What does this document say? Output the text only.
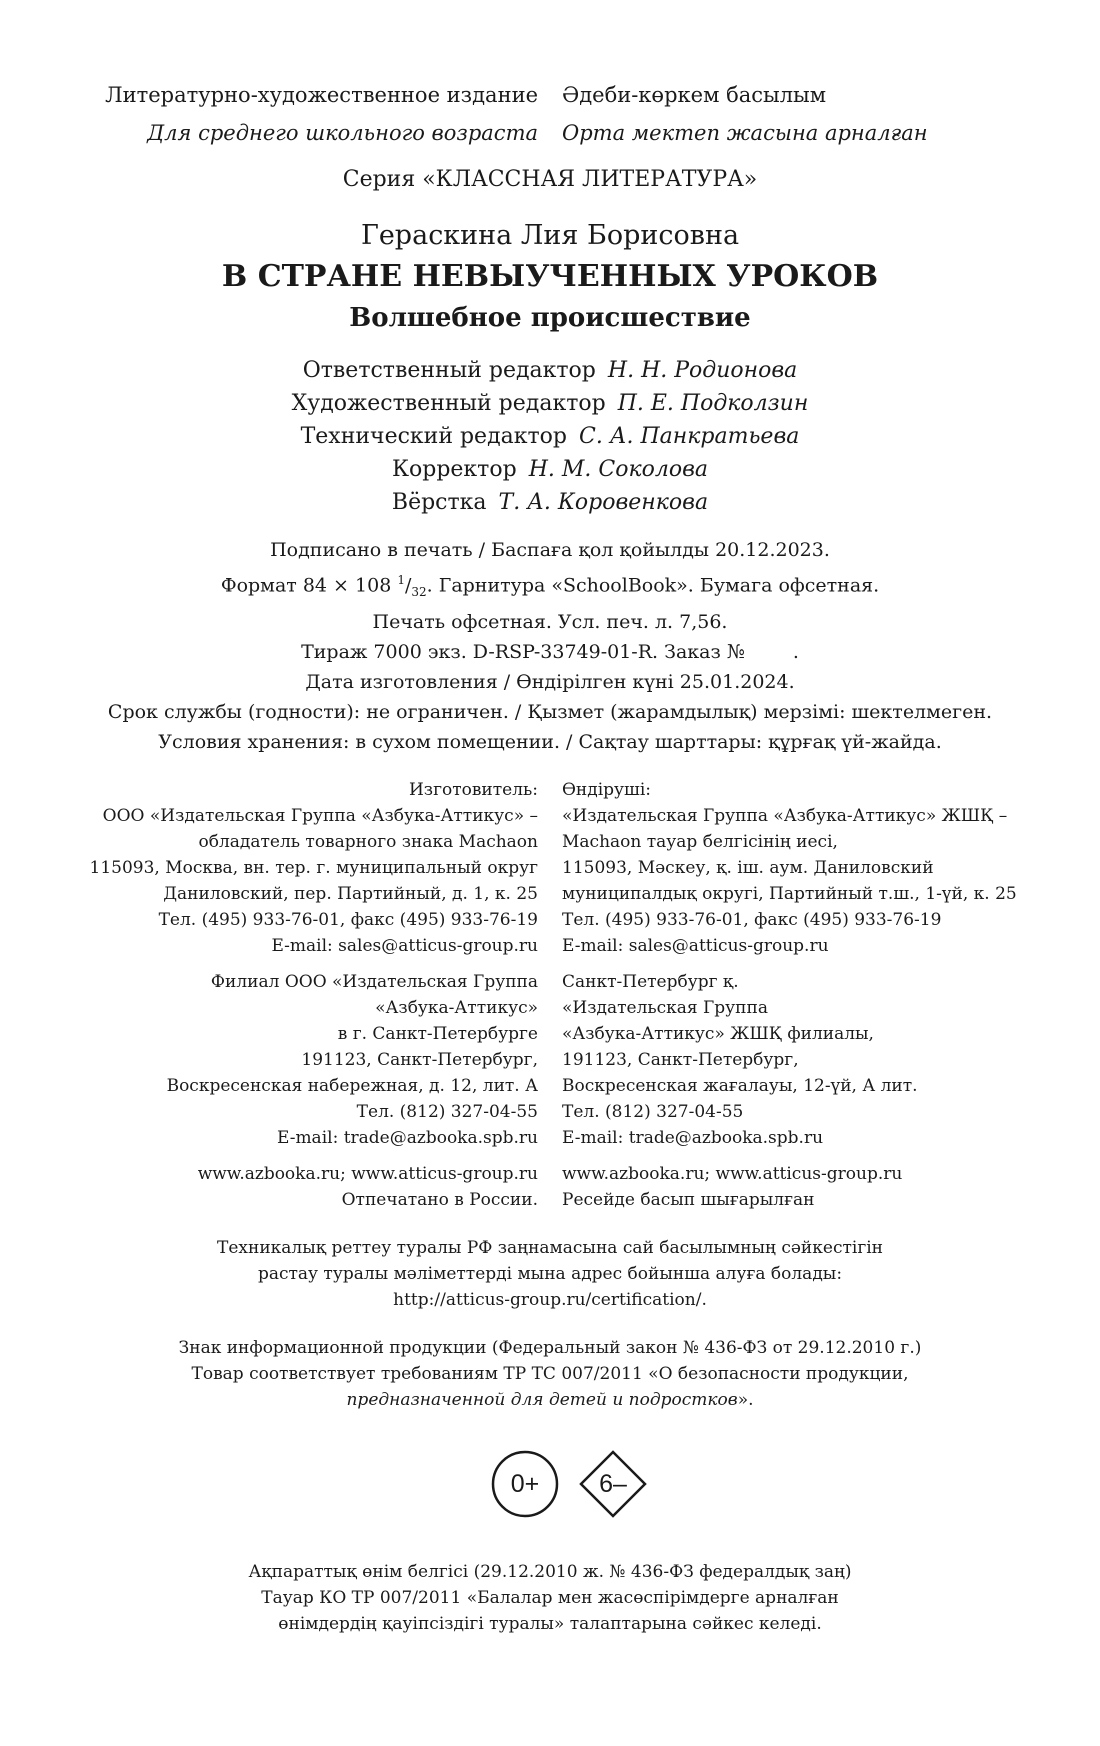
Литературно-художественное издание
Для среднего школьного возраста
Әдеби-көркем басылым
Орта мектеп жасына арналған
Серия «КЛАССНАЯ ЛИТЕРАТУРА»
Гераскина Лия Борисовна
В СТРАНЕ НЕВЫУЧЕННЫХ УРОКОВ
Волшебное происшествие
Ответственный редактор Н. Н. Родионова
Художественный редактор П. Е. Подколзин
Технический редактор С. А. Панкратьева
Корректор Н. М. Соколова
Вёрстка Т. А. Коровенкова
Подписано в печать / Баспаға қол қойылды 20.12.2023.
Формат 84 × 108 $^1/_{32}$. Гарнитура «SchoolBook». Бумага офсетная.
Печать офсетная. Усл. печ. л. 7,56.
Тираж 7000 экз. D-RSP-33749-01-R. Заказ №	.
Дата изготовления / Өндірілген күні 25.01.2024.
Срок службы (годности): не ограничен. / Қызмет (жарамдылық) мерзімі: шектелмеген.
Условия хранения: в сухом помещении. / Сақтау шарттары: құрғақ үй-жайда.
Изготовитель:
ООО «Издательская Группа «Азбука-Аттикус» –
обладатель товарного знака Machaon
115093, Москва, вн. тер. г. муниципальный округ
Даниловский, пер. Партийный, д. 1, к. 25
Тел. (495) 933-76-01, факс (495) 933-76-19
E-mail: sales@atticus-group.ru
Өндіруші:
«Издательская Группа «Азбука-Аттикус» ЖШҚ –
Machaon тауар белгісінің иесі,
115093, Мәскеу, қ. іш. аум. Даниловский
муниципалдық округі, Партийный т.ш., 1-үй, к. 25
Тел. (495) 933-76-01, факс (495) 933-76-19
E-mail: sales@atticus-group.ru
Филиал ООО «Издательская Группа
«Азбука-Аттикус»
в г. Санкт-Петербурге
191123, Санкт-Петербург,
Воскресенская набережная, д. 12, лит. А
Тел. (812) 327-04-55
E-mail: trade@azbooka.spb.ru
Санкт-Петербург қ.
«Издательская Группа
«Азбука-Аттикус» ЖШҚ филиалы,
191123, Санкт-Петербург,
Воскресенская жағалауы, 12-үй, А лит.
Тел. (812) 327-04-55
E-mail: trade@azbooka.spb.ru
www.azbooka.ru; www.atticus-group.ru
Отпечатано в России.
www.azbooka.ru; www.atticus-group.ru
Ресейде басып шығарылған
Техникалық реттеу туралы РФ заңнамасына сай басылымның сәйкестігін
растау туралы мәліметтерді мына адрес бойынша алуға болады:
http://atticus-group.ru/certification/.
Знак информационной продукции (Федеральный закон № 436-ФЗ от 29.12.2010 г.)
Товар соответствует требованиям ТР ТС 007/2011 «О безопасности продукции,
предназначенной для детей и подростков».
0+ 6–
Ақпараттық өнім белгісі (29.12.2010 ж. № 436-ФЗ федералдық заң)
Тауар КО ТР 007/2011 «Балалар мен жасөспірімдерге арналған
өнімдердің қауіпсіздігі туралы» талаптарына сәйкес келеді.
